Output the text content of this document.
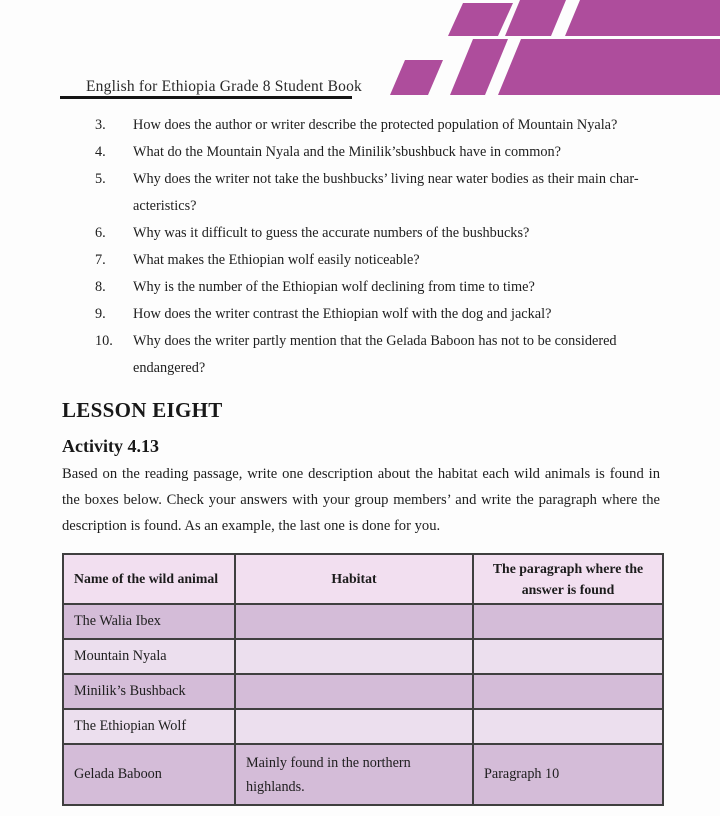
English for Ethiopia Grade 8 Student Book
3.	How does the author or writer describe the protected population of Mountain Nyala?
4.	What do the Mountain Nyala and the Minilik’sbushbuck have in common?
5.	Why does the writer not take the bushbucks’ living near water bodies as their main char-acteristics?
6.	Why was it difficult to guess the accurate numbers of the bushbucks?
7.	What makes the Ethiopian wolf easily noticeable?
8.	Why is the number of the Ethiopian wolf declining from time to time?
9.	How does the writer contrast the Ethiopian wolf with the dog and jackal?
10.	Why does the writer partly mention that the Gelada Baboon has not to be considered endangered?
LESSON EIGHT
Activity 4.13
Based on the reading passage, write one description about the habitat each wild animals is found in the boxes below. Check your answers with your group members’ and write the paragraph where the description is found. As an example, the last one is done for you.
Name of the wild animal	Habitat	The paragraph where the answer is found
The Walia Ibex		
Mountain Nyala		
Minilik’s Bushback		
The Ethiopian Wolf		
Gelada Baboon	Mainly found in the northern highlands.	Paragraph 10
